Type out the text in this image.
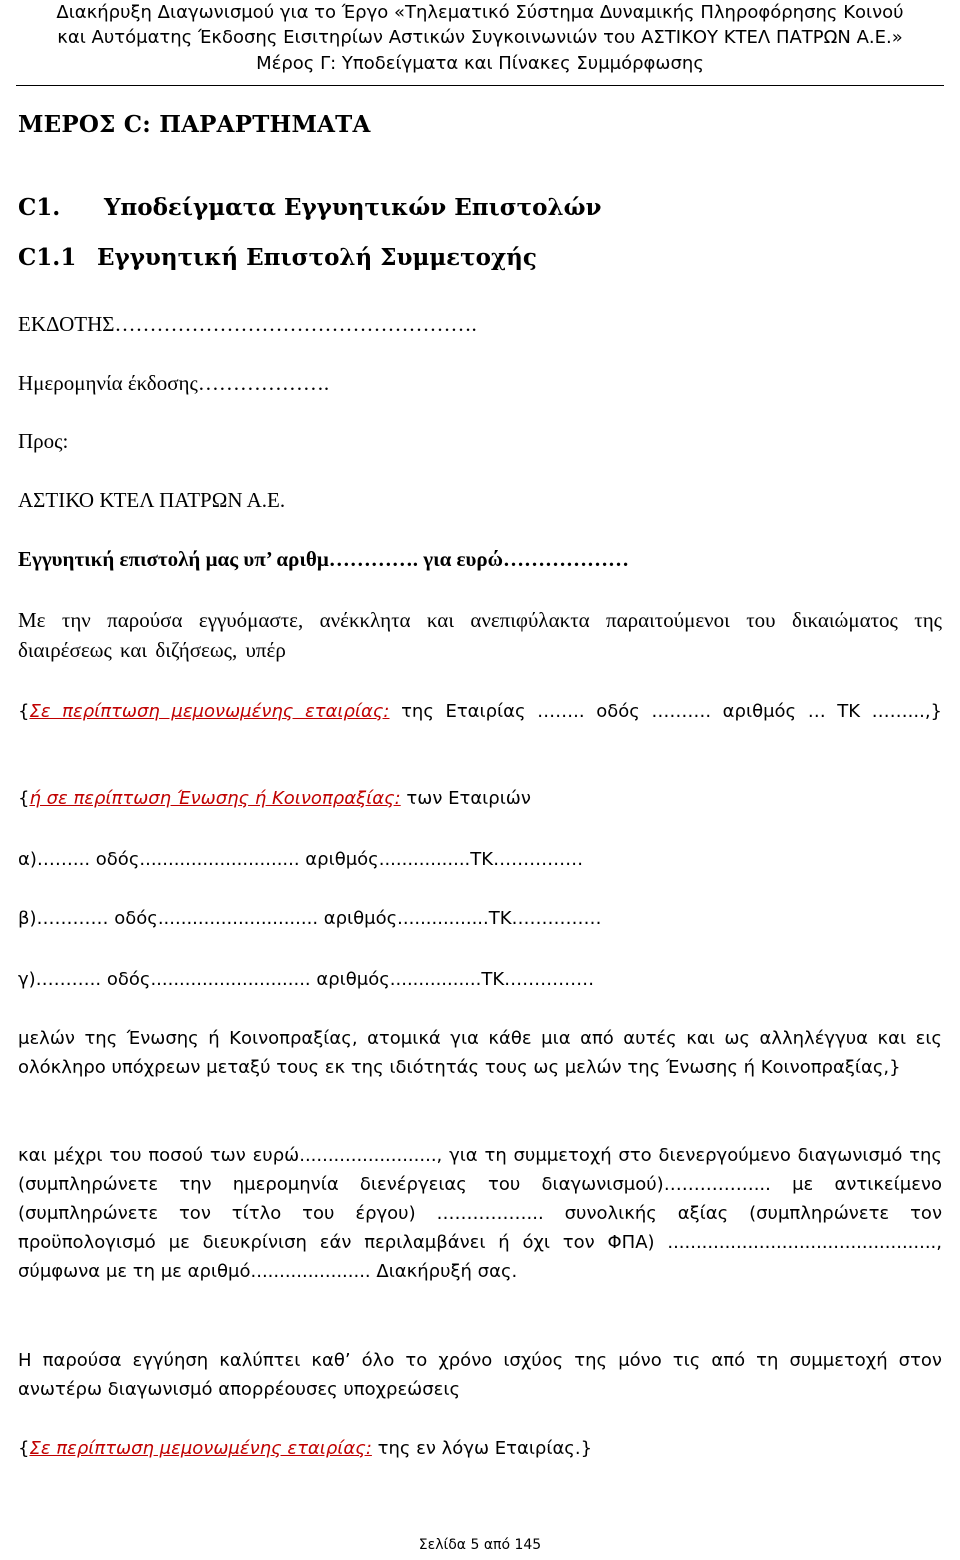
Διακήρυξη Διαγωνισμού για το Έργο «Τηλεματικό Σύστημα Δυναμικής Πληροφόρησης Κοινού
και Αυτόματης Έκδοσης Εισιτηρίων Αστικών Συγκοινωνιών του ΑΣΤΙΚΟΥ ΚΤΕΛ ΠΑΤΡΩΝ Α.Ε.»
Μέρος Γ: Υποδείγματα και Πίνακες Συμμόρφωσης
ΜΕΡΟΣ C: ΠΑΡΑΡΤΗΜΑΤΑ
C1. Υποδείγματα Εγγυητικών Επιστολών
C1.1 Εγγυητική Επιστολή Συμμετοχής
ΕΚΔΟΤΗΣ…………………………………………….
Ημερομηνία έκδοσης……………….
Προς:
ΑΣΤΙΚΟ ΚΤΕΛ ΠΑΤΡΩΝ Α.Ε.
Εγγυητική επιστολή μας υπ’ αριθμ…………. για ευρώ………………
Με την παρούσα εγγυόμαστε, ανέκκλητα και ανεπιφύλακτα παραιτούμενοι του δικαιώματος της διαιρέσεως και διζήσεως, υπέρ
{Σε περίπτωση μεμονωμένης εταιρίας: της Εταιρίας …….. οδός ………. αριθμός … ΤΚ ……...,}
{ή σε περίπτωση Ένωσης ή Κοινοπραξίας: των Εταιριών
α)……... οδός............................ αριθμός................ΤΚ……………
β)………… οδός............................ αριθμός................ΤΚ……………
γ)……….. οδός............................ αριθμός................ΤΚ……………
μελών της Ένωσης ή Κοινοπραξίας, ατομικά για κάθε μια από αυτές και ως αλληλέγγυα και εις ολόκληρο υπόχρεων μεταξύ τους εκ της ιδιότητάς τους ως μελών της Ένωσης ή Κοινοπραξίας,}
και μέχρι του ποσού των ευρώ........................, για τη συμμετοχή στο διενεργούμενο διαγωνισμό της (συμπληρώνετε την ημερομηνία διενέργειας του διαγωνισμού)……………... με αντικείμενο (συμπληρώνετε τον τίτλο του έργου) ……………... συνολικής αξίας (συμπληρώνετε τον προϋπολογισμό με διευκρίνιση εάν περιλαμβάνει ή όχι τον ΦΠΑ) ..............................................., σύμφωνα με τη με αριθμό..................... Διακήρυξή σας.
Η παρούσα εγγύηση καλύπτει καθ’ όλο το χρόνο ισχύος της μόνο τις από τη συμμετοχή στον ανωτέρω διαγωνισμό απορρέουσες υποχρεώσεις
{Σε περίπτωση μεμονωμένης εταιρίας: της εν λόγω Εταιρίας.}
Σελίδα 5 από 145
